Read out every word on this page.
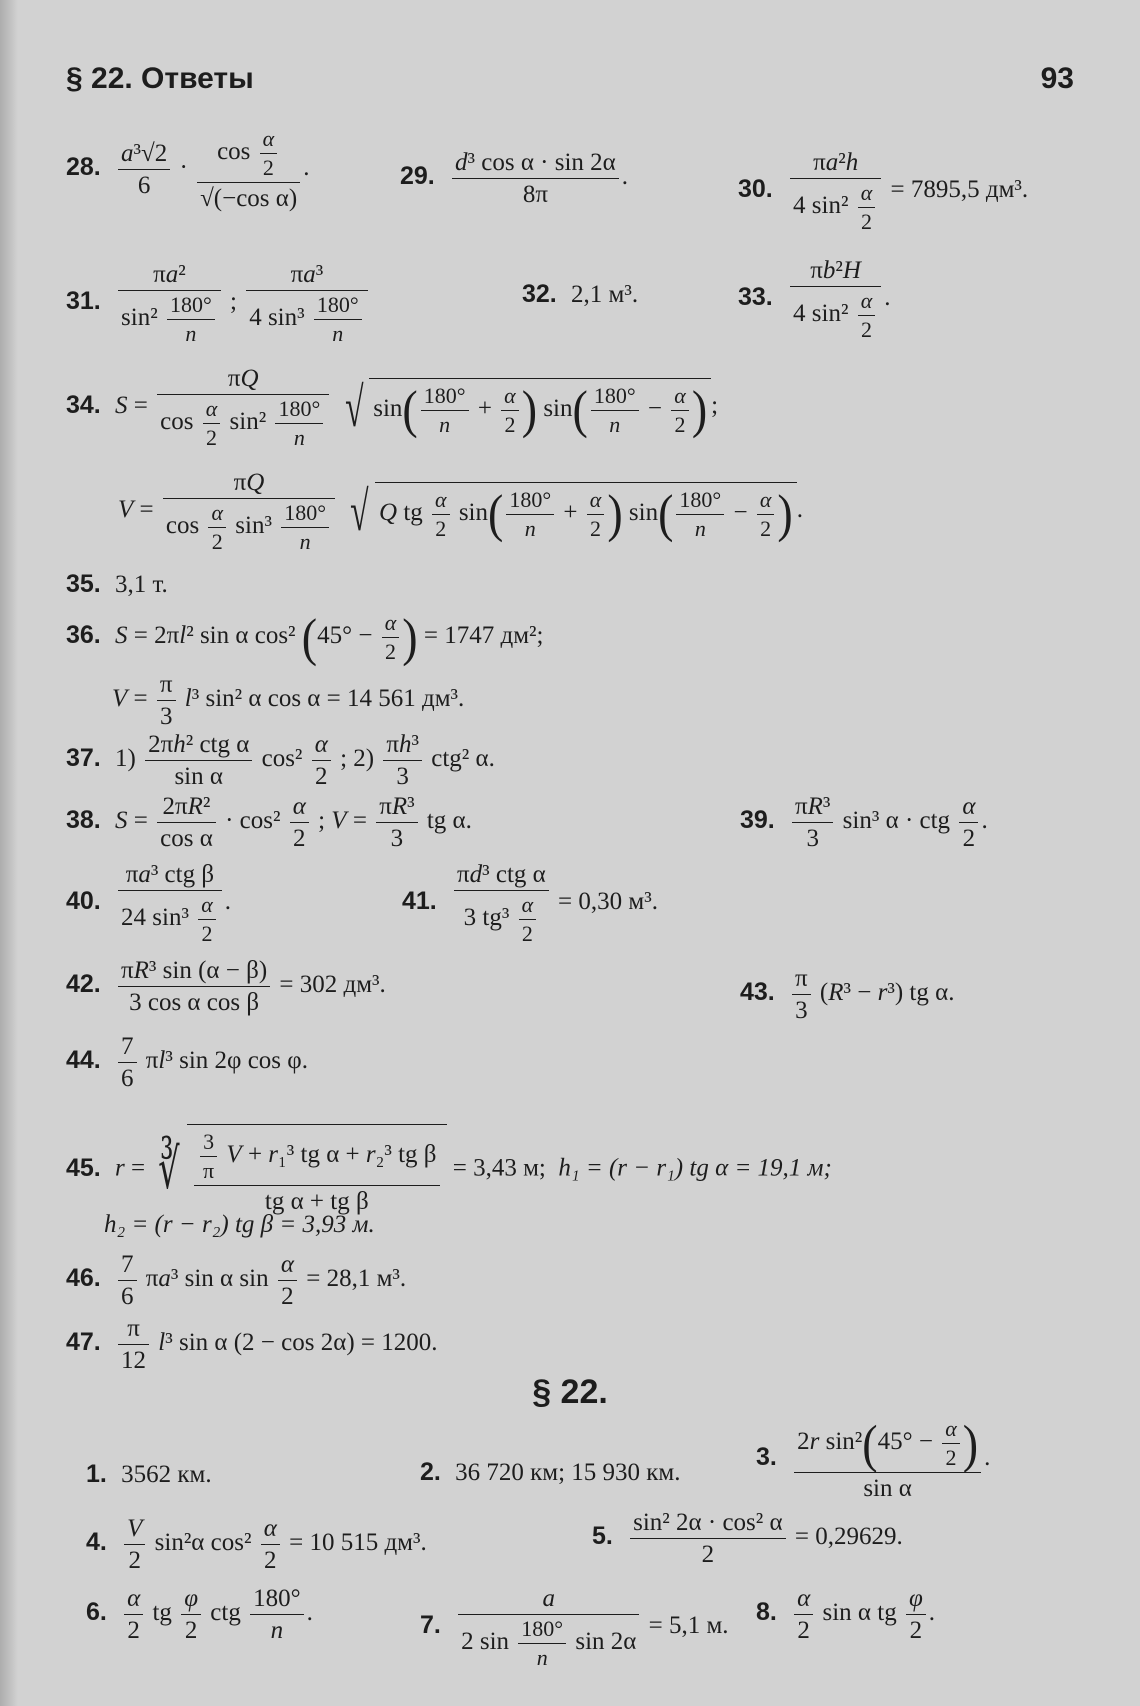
§ 22. Ответы	93
28. $\frac{\text{a³√2}}{6} \cdot \frac{\cos \frac{\alpha}{2}}{\text{√(−cos α)}}$ .	29. $\frac{\text{d³ cos α · sin 2α}}{8\pi}$ .	30. $\frac{\text{πa²h}}{4 \sin^2 \frac{\alpha}{2}} = 7895,5$ дм³.
31. $\frac{\text{πa²}}{\sin^2 \frac{180^\circ}{n}}$ ; $\frac{\text{πa³}}{4 \sin^3 \frac{180^\circ}{n}}$	32. 2,1 м³.	33. $\frac{\text{πb²H}}{4 \sin^2 \frac{\alpha}{2}}$ .
34. $S = \frac{\pi Q}{\cos \frac{\alpha}{2} \sin^2 \frac{180^\circ}{n}}$ √ $\sin( \frac{180^\circ}{n} + \frac{\alpha}{2}$ ) $\sin( \frac{180^\circ}{n} - \frac{\alpha}{2}$ ) ;
$V = \frac{\pi Q}{\cos \frac{\alpha}{2} \sin^3 \frac{180^\circ}{n}}$ √ Q tg $\frac{\alpha}{2} \sin( \frac{180^\circ}{n} + \frac{\alpha}{2}$ ) $\sin( \frac{180^\circ}{n} - \frac{\alpha}{2}$ ) .
35. 3,1 т.
36. S = 2πl² sin α cos² ($45^\circ - \frac{\alpha}{2}$ ) = 1747 дм²;
$V = \frac{\pi}{3} l^3$ sin² α cos α = 14 561 дм³.
37. $1) \frac{\text{2πh² ctg α}}{\text{sin α}} \cos^2 \frac{\alpha}{2}$ ; $2) \frac{\text{πh³}}{3} ctg^2$ α.
38. $S = \frac{\text{2πR²}}{\text{cos α}} \cdot \cos^2 \frac{\alpha}{2}$ ; $V = \frac{\text{πR³}}{3}$ tg α.	39. $\frac{\text{πR³}}{3} \sin^3$ α · ctg $\frac{\alpha}{2}$ .
40. $\frac{\text{πa³ ctg β}}{24 \sin^3 \frac{\alpha}{2}}$ .	41. $\frac{\text{πd³ ctg α}}{3 tg^3 \frac{\alpha}{2}} = 0,30$ м³.
42. $\frac{\text{πR³ sin (α − β)}}{\text{3 cos α cos β}} = 302$ дм³.	43. $\frac{\pi}{3} (R^3 - r^3)$ tg α.
44. $\frac{7}{6} \pi l^3$ sin 2φ cos φ.
45. r = ∛ $\frac{\frac{3}{\pi} V + r_1^3 tg \alpha + r_2^3 tg \beta}{\text{tg α + tg β}} = 3,43$ м; h₁ = (r − r₁) tg α = 19,1 м;
h₂ = (r − r₂) tg β = 3,93 м.
46. $\frac{7}{6} \pi a^3$ sin α $\sin \frac{\alpha}{2} = 28,1$ м³.
47. $\frac{\pi}{12} l^3$ sin α (2 − cos 2α) = 1200.
§ 22.
1. 3562 км.	2. 36 720 км; 15 930 км.
3. $\frac{2r \sin^2(45^\circ - \frac{\alpha}{2} )}{\text{sin α}}$ .
4. $\frac{V}{2} \sin^2\alpha$ $\cos^2 \frac{\alpha}{2} = 10$ 515 дм³.	5. $\frac{\text{sin² 2α · cos² α}}{2} = 0,29629$.
6. $\frac{\alpha}{2}$ tg $\frac{\varphi}{2}$ ctg $\frac{180^\circ}{n}$ .	7. $\frac{a}{2 \sin \frac{180^\circ}{n} \sin 2\alpha} = 5,1$ м. 8. $\frac{\alpha}{2}$ sin α tg $\frac{\varphi}{2}$ .
